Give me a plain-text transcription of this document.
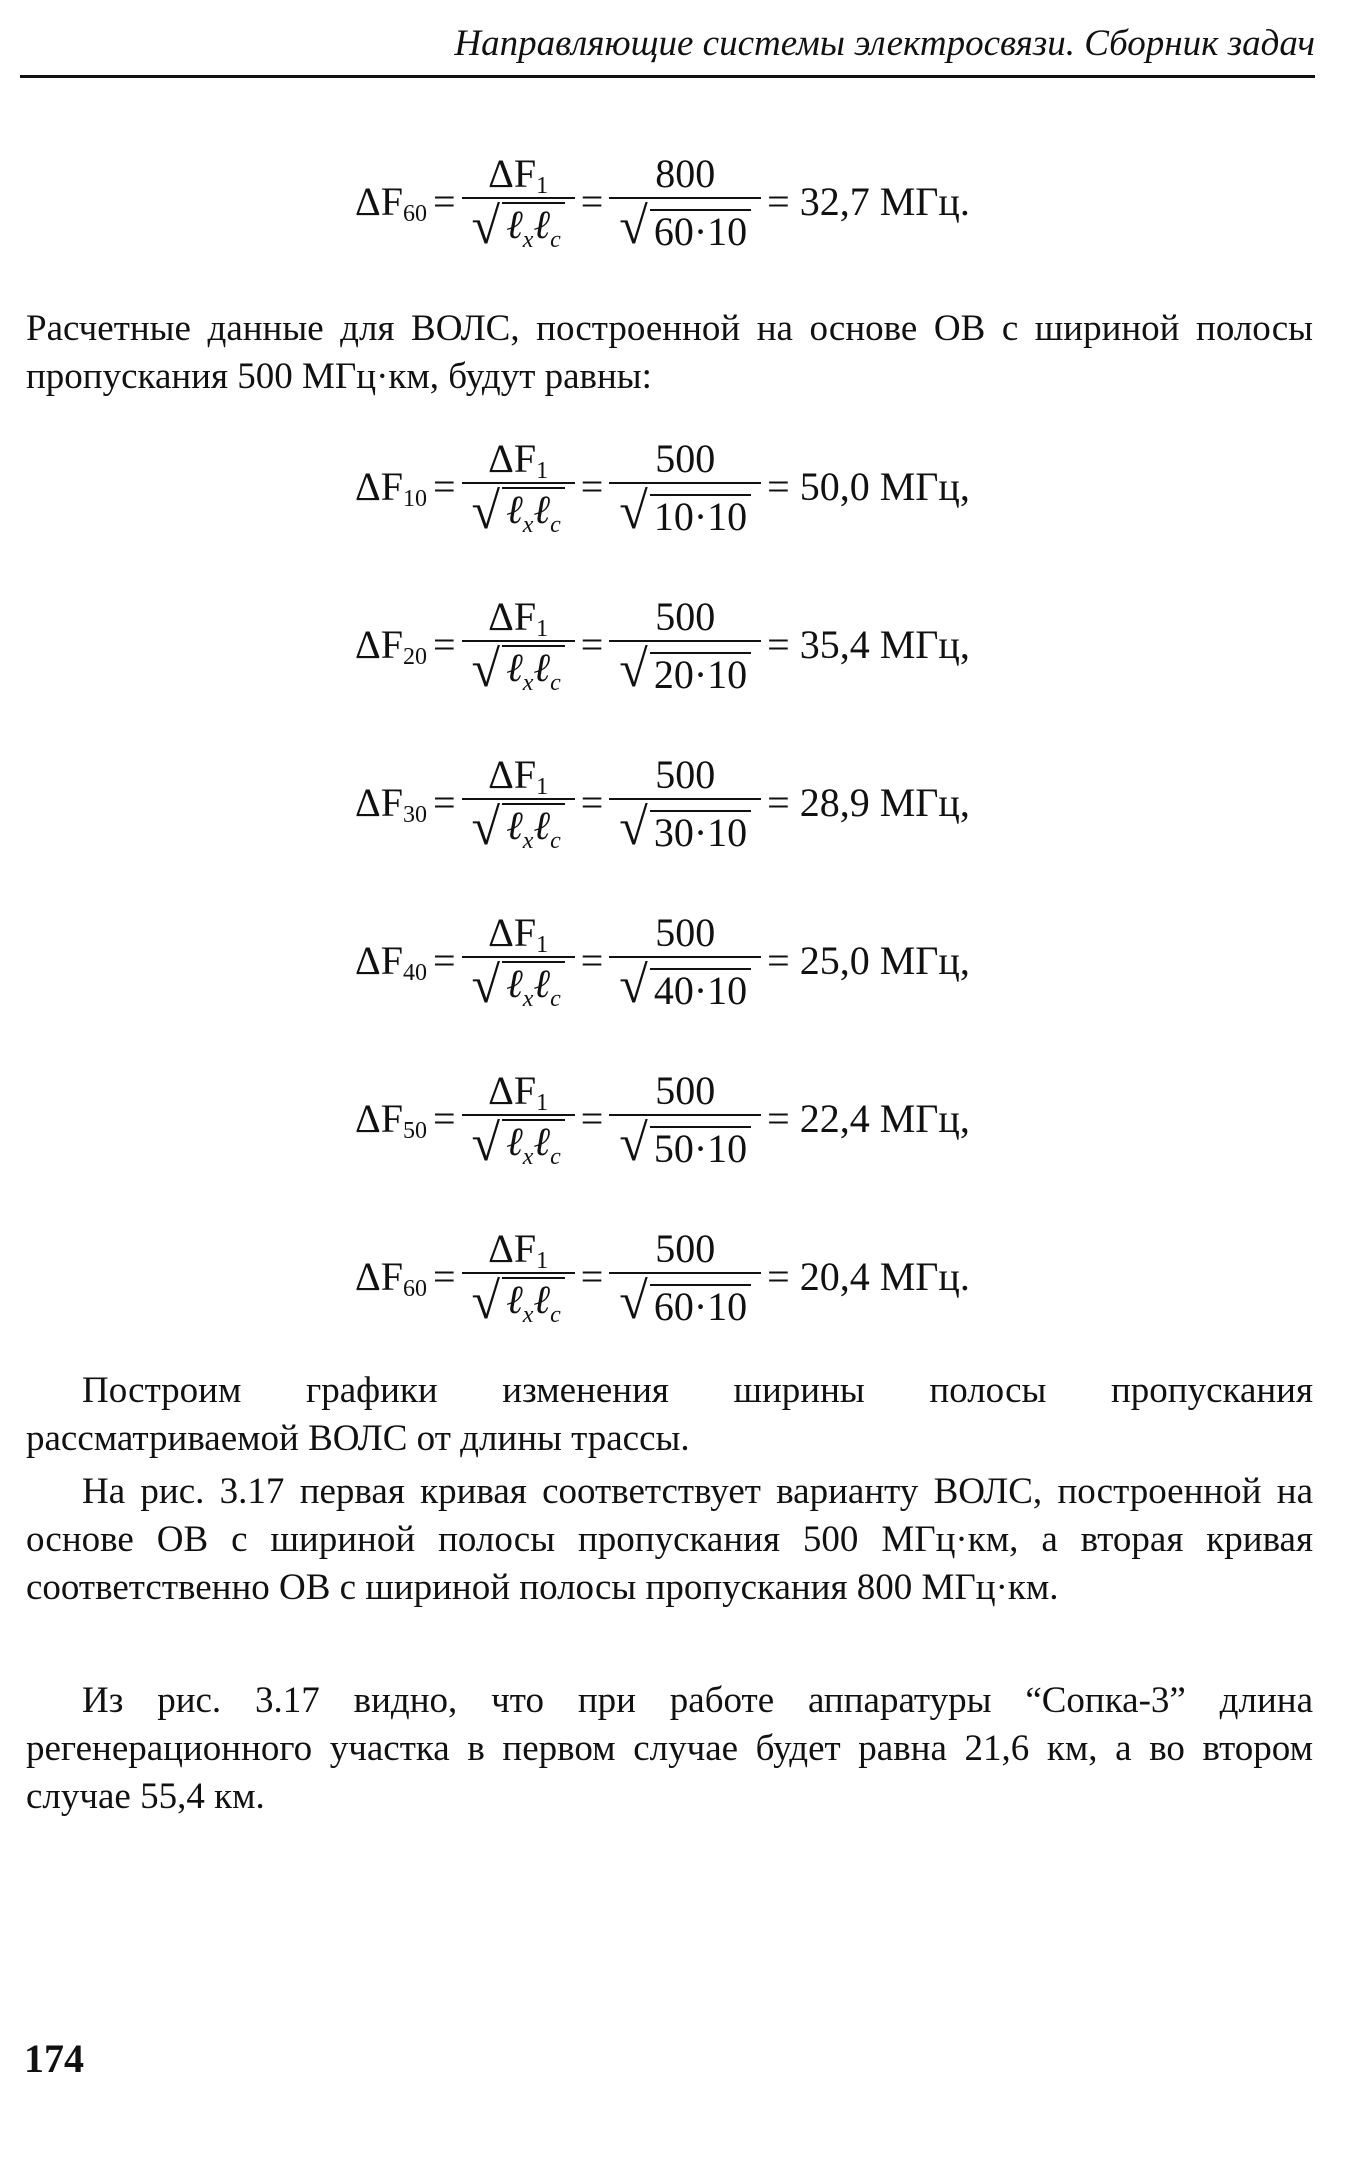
Направляющие системы электросвязи. Сборник задач
$\Delta F_{60} = \frac{\Delta F_1}{√ \ell_x\ell_c} = \frac{800}{√ 60\cdot 10} = 32,7$ МГц.
$\Delta F_{10} = \frac{\Delta F_1}{√ \ell_x\ell_c} = \frac{500}{√ 10\cdot 10} = 50,0$ МГц,
$\Delta F_{20} = \frac{\Delta F_1}{√ \ell_x\ell_c} = \frac{500}{√ 20\cdot 10} = 35,4$ МГц,
$\Delta F_{30} = \frac{\Delta F_1}{√ \ell_x\ell_c} = \frac{500}{√ 30\cdot 10} = 28,9$ МГц,
$\Delta F_{40} = \frac{\Delta F_1}{√ \ell_x\ell_c} = \frac{500}{√ 40\cdot 10} = 25,0$ МГц,
$\Delta F_{50} = \frac{\Delta F_1}{√ \ell_x\ell_c} = \frac{500}{√ 50\cdot 10} = 22,4$ МГц,
$\Delta F_{60} = \frac{\Delta F_1}{√ \ell_x\ell_c} = \frac{500}{√ 60\cdot 10} = 20,4$ МГц.
Расчетные данные для ВОЛС, построенной на основе ОВ с шириной полосы пропускания 500 МГц·км, будут равны:
Построим графики изменения ширины полосы пропускания рассматриваемой ВОЛС от длины трассы.
На рис. 3.17 первая кривая соответствует варианту ВОЛС, построенной на основе ОВ с шириной полосы пропускания 500 МГц·км, а вторая кривая соответственно ОВ с шириной полосы пропускания 800 МГц·км.
Из рис. 3.17 видно, что при работе аппаратуры “Сопка-3” длина регенерационного участка в первом случае будет равна 21,6 км, а во втором случае 55,4 км.
174
